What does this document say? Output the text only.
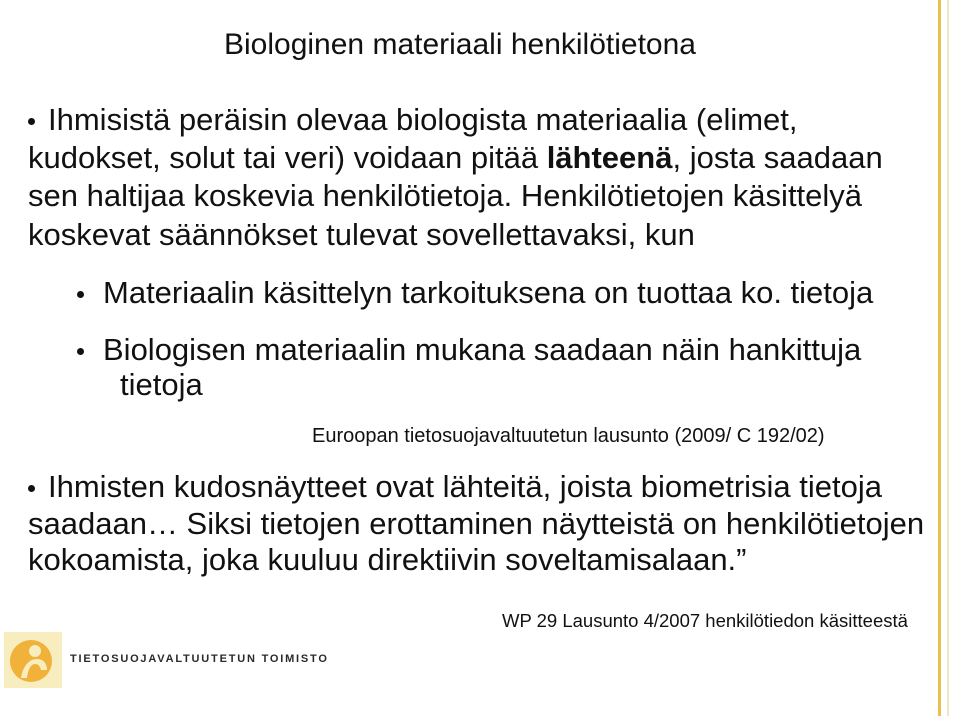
Biologinen materiaali henkilötietona
Ihmisistä peräisin olevaa biologista materiaalia (elimet,
kudokset, solut tai veri) voidaan pitää lähteenä, josta saadaan
sen haltijaa koskevia henkilötietoja. Henkilötietojen käsittelyä
koskevat säännökset tulevat sovellettavaksi, kun
Materiaalin käsittelyn tarkoituksena on tuottaa ko. tietoja
Biologisen materiaalin mukana saadaan näin hankittuja
tietoja
Euroopan tietosuojavaltuutetun lausunto (2009/ C 192/02)
Ihmisten kudosnäytteet ovat lähteitä, joista biometrisia tietoja
saadaan… Siksi tietojen erottaminen näytteistä on henkilötietojen
kokoamista, joka kuuluu direktiivin soveltamisalaan.”
WP 29 Lausunto 4/2007 henkilötiedon käsitteestä
TIETOSUOJAVALTUUTETUN TOIMISTO
